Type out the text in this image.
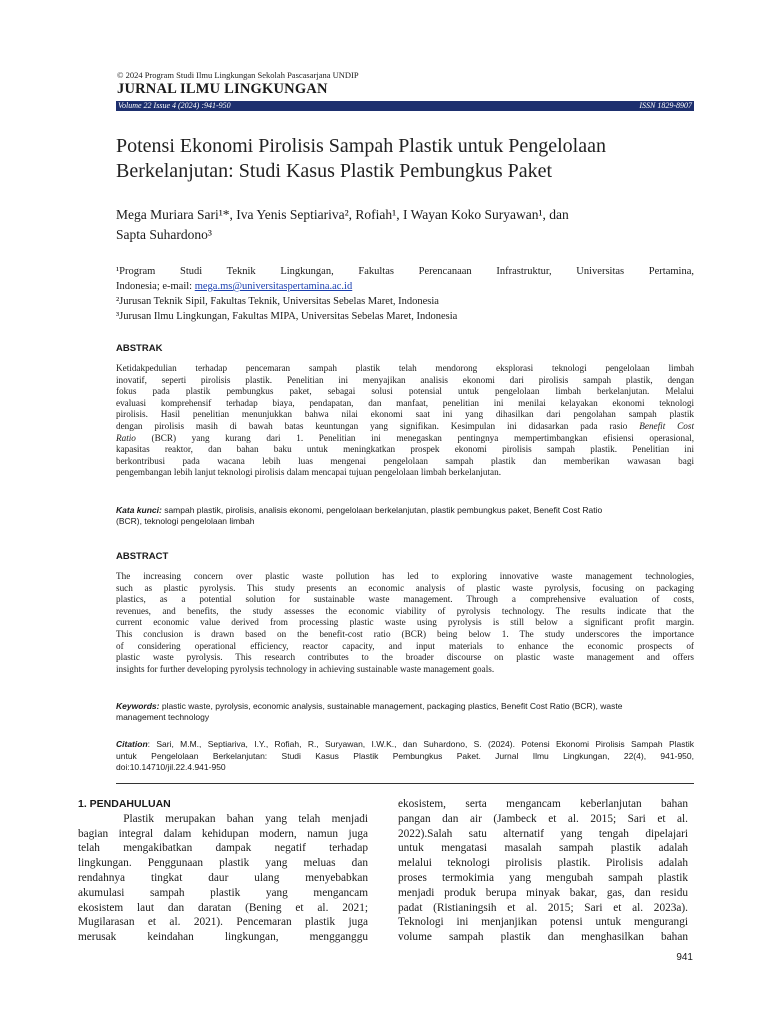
© 2024 Program Studi Ilmu Lingkungan Sekolah Pascasarjana UNDIP
JURNAL ILMU LINGKUNGAN
Volume 22 Issue 4 (2024) :941-950	ISSN 1829-8907
Potensi Ekonomi Pirolisis Sampah Plastik untuk Pengelolaan
Berkelanjutan: Studi Kasus Plastik Pembungkus Paket
Mega Muriara Sari¹*, Iva Yenis Septiariva², Rofiah¹, I Wayan Koko Suryawan¹, dan
Sapta Suhardono³
¹Program Studi Teknik Lingkungan, Fakultas Perencanaan Infrastruktur, Universitas Pertamina,
Indonesia; e-mail: mega.ms@universitaspertamina.ac.id
²Jurusan Teknik Sipil, Fakultas Teknik, Universitas Sebelas Maret, Indonesia
³Jurusan Ilmu Lingkungan, Fakultas MIPA, Universitas Sebelas Maret, Indonesia
ABSTRAK
Ketidakpedulian terhadap pencemaran sampah plastik telah mendorong eksplorasi teknologi pengelolaan limbah
inovatif, seperti pirolisis plastik. Penelitian ini menyajikan analisis ekonomi dari pirolisis sampah plastik, dengan
fokus pada plastik pembungkus paket, sebagai solusi potensial untuk pengelolaan limbah berkelanjutan. Melalui
evaluasi komprehensif terhadap biaya, pendapatan, dan manfaat, penelitian ini menilai kelayakan ekonomi teknologi
pirolisis. Hasil penelitian menunjukkan bahwa nilai ekonomi saat ini yang dihasilkan dari pengolahan sampah plastik
dengan pirolisis masih di bawah batas keuntungan yang signifikan. Kesimpulan ini didasarkan pada rasio Benefit Cost
Ratio (BCR) yang kurang dari 1. Penelitian ini menegaskan pentingnya mempertimbangkan efisiensi operasional,
kapasitas reaktor, dan bahan baku untuk meningkatkan prospek ekonomi pirolisis sampah plastik. Penelitian ini
berkontribusi pada wacana lebih luas mengenai pengelolaan sampah plastik dan memberikan wawasan bagi
pengembangan lebih lanjut teknologi pirolisis dalam mencapai tujuan pengelolaan limbah berkelanjutan.
Kata kunci: sampah plastik, pirolisis, analisis ekonomi, pengelolaan berkelanjutan, plastik pembungkus paket, Benefit Cost Ratio
(BCR), teknologi pengelolaan limbah
ABSTRACT
The increasing concern over plastic waste pollution has led to exploring innovative waste management technologies,
such as plastic pyrolysis. This study presents an economic analysis of plastic waste pyrolysis, focusing on packaging
plastics, as a potential solution for sustainable waste management. Through a comprehensive evaluation of costs,
revenues, and benefits, the study assesses the economic viability of pyrolysis technology. The results indicate that the
current economic value derived from processing plastic waste using pyrolysis is still below a significant profit margin.
This conclusion is drawn based on the benefit-cost ratio (BCR) being below 1. The study underscores the importance
of considering operational efficiency, reactor capacity, and input materials to enhance the economic prospects of
plastic waste pyrolysis. This research contributes to the broader discourse on plastic waste management and offers
insights for further developing pyrolysis technology in achieving sustainable waste management goals.
Keywords: plastic waste, pyrolysis, economic analysis, sustainable management, packaging plastics, Benefit Cost Ratio (BCR), waste
management technology
Citation: Sari, M.M., Septiariva, I.Y., Rofiah, R., Suryawan, I.W.K., dan Suhardono, S. (2024). Potensi Ekonomi Pirolisis Sampah Plastik
untuk Pengelolaan Berkelanjutan: Studi Kasus Plastik Pembungkus Paket. Jurnal Ilmu Lingkungan, 22(4), 941-950,
doi:10.14710/jil.22.4.941-950
1. PENDAHULUAN
Plastik merupakan bahan yang telah menjadi
bagian integral dalam kehidupan modern, namun juga
telah mengakibatkan dampak negatif terhadap
lingkungan. Penggunaan plastik yang meluas dan
rendahnya tingkat daur ulang menyebabkan
akumulasi sampah plastik yang mengancam
ekosistem laut dan daratan (Bening et al. 2021;
Mugilarasan et al. 2021). Pencemaran plastik juga
merusak keindahan lingkungan, mengganggu
ekosistem, serta mengancam keberlanjutan bahan
pangan dan air (Jambeck et al. 2015; Sari et al.
2022).Salah satu alternatif yang tengah dipelajari
untuk mengatasi masalah sampah plastik adalah
melalui teknologi pirolisis plastik. Pirolisis adalah
proses termokimia yang mengubah sampah plastik
menjadi produk berupa minyak bakar, gas, dan residu
padat (Ristianingsih et al. 2015; Sari et al. 2023a).
Teknologi ini menjanjikan potensi untuk mengurangi
volume sampah plastik dan menghasilkan bahan
941
